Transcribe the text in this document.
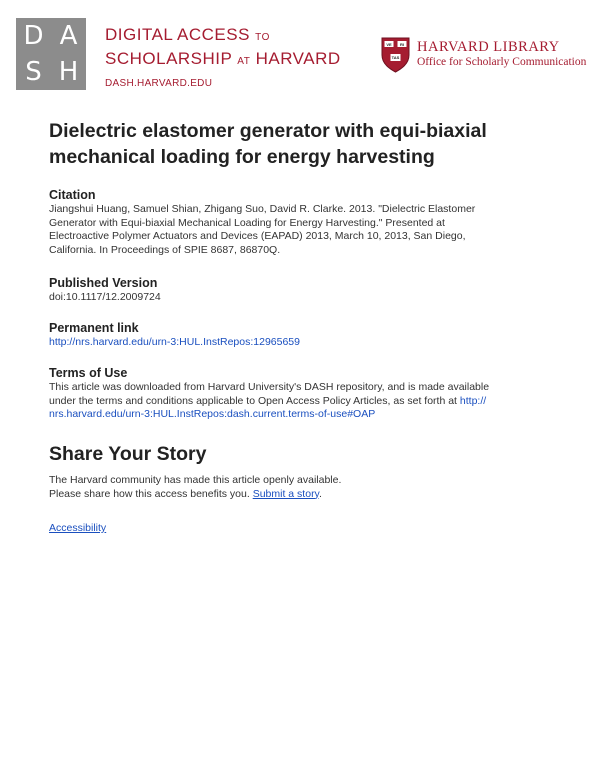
D A
S H
DIGITAL ACCESS TO
SCHOLARSHIP AT HARVARD
DASH.HARVARD.EDU
VE RI
TAS
HARVARD LIBRARY
Office for Scholarly Communication
Dielectric elastomer generator with equi-biaxial
mechanical loading for energy harvesting

Citation

Jiangshui Huang, Samuel Shian, Zhigang Suo, David R. Clarke. 2013. "Dielectric Elastomer
Generator with Equi-biaxial Mechanical Loading for Energy Harvesting." Presented at
Electroactive Polymer Actuators and Devices (EAPAD) 2013, March 10, 2013, San Diego,
California. In Proceedings of SPIE 8687, 86870Q.

Published Version

doi:10.1117/12.2009724

Permanent link

http://nrs.harvard.edu/urn-3:HUL.InstRepos:12965659

Terms of Use

This article was downloaded from Harvard University's DASH repository, and is made available
under the terms and conditions applicable to Open Access Policy Articles, as set forth at http://
nrs.harvard.edu/urn-3:HUL.InstRepos:dash.current.terms-of-use#OAP

Share Your Story

The Harvard community has made this article openly available.
Please share how this access benefits you. Submit a story.

Accessibility
